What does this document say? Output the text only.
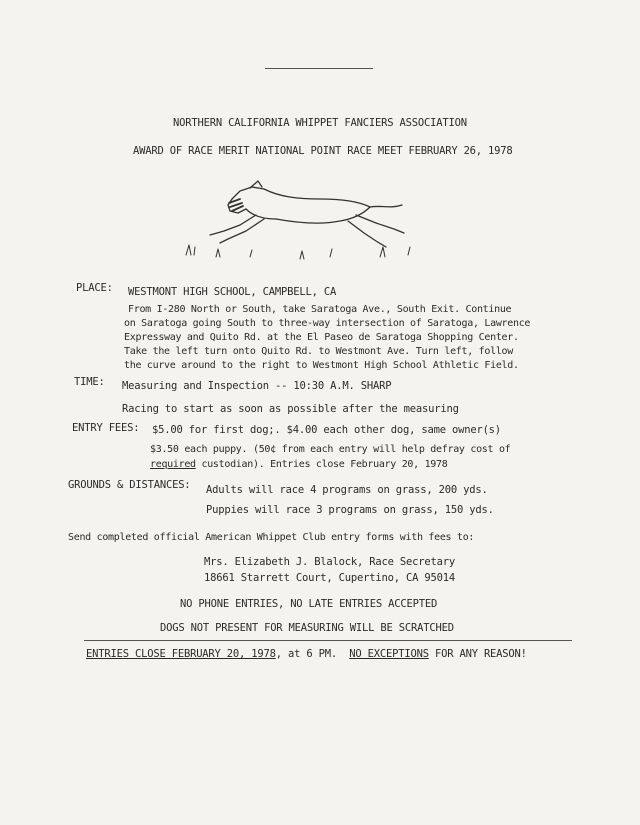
NORTHERN CALIFORNIA WHIPPET FANCIERS ASSOCIATION
AWARD OF RACE MERIT NATIONAL POINT RACE MEET FEBRUARY 26, 1978
PLACE: WESTMONT HIGH SCHOOL, CAMPBELL, CA
From I-280 North or South, take Saratoga Ave., South Exit. Continue
on Saratoga going South to three-way intersection of Saratoga, Lawrence
Expressway and Quito Rd. at the El Paseo de Saratoga Shopping Center.
Take the left turn onto Quito Rd. to Westmont Ave. Turn left, follow
the curve around to the right to Westmont High School Athletic Field.
TIME: Measuring and Inspection -- 10:30 A.M. SHARP
Racing to start as soon as possible after the measuring
ENTRY FEES: $5.00 for first dog;. $4.00 each other dog, same owner(s)
$3.50 each puppy. (50¢ from each entry will help defray cost of
required custodian). Entries close February 20, 1978
GROUNDS & DISTANCES: Adults will race 4 programs on grass, 200 yds.
Puppies will race 3 programs on grass, 150 yds.
Send completed official American Whippet Club entry forms with fees to:
Mrs. Elizabeth J. Blalock, Race Secretary
18661 Starrett Court, Cupertino, CA 95014
NO PHONE ENTRIES, NO LATE ENTRIES ACCEPTED
DOGS NOT PRESENT FOR MEASURING WILL BE SCRATCHED
ENTRIES CLOSE FEBRUARY 20, 1978, at 6 PM. NO EXCEPTIONS FOR ANY REASON!
